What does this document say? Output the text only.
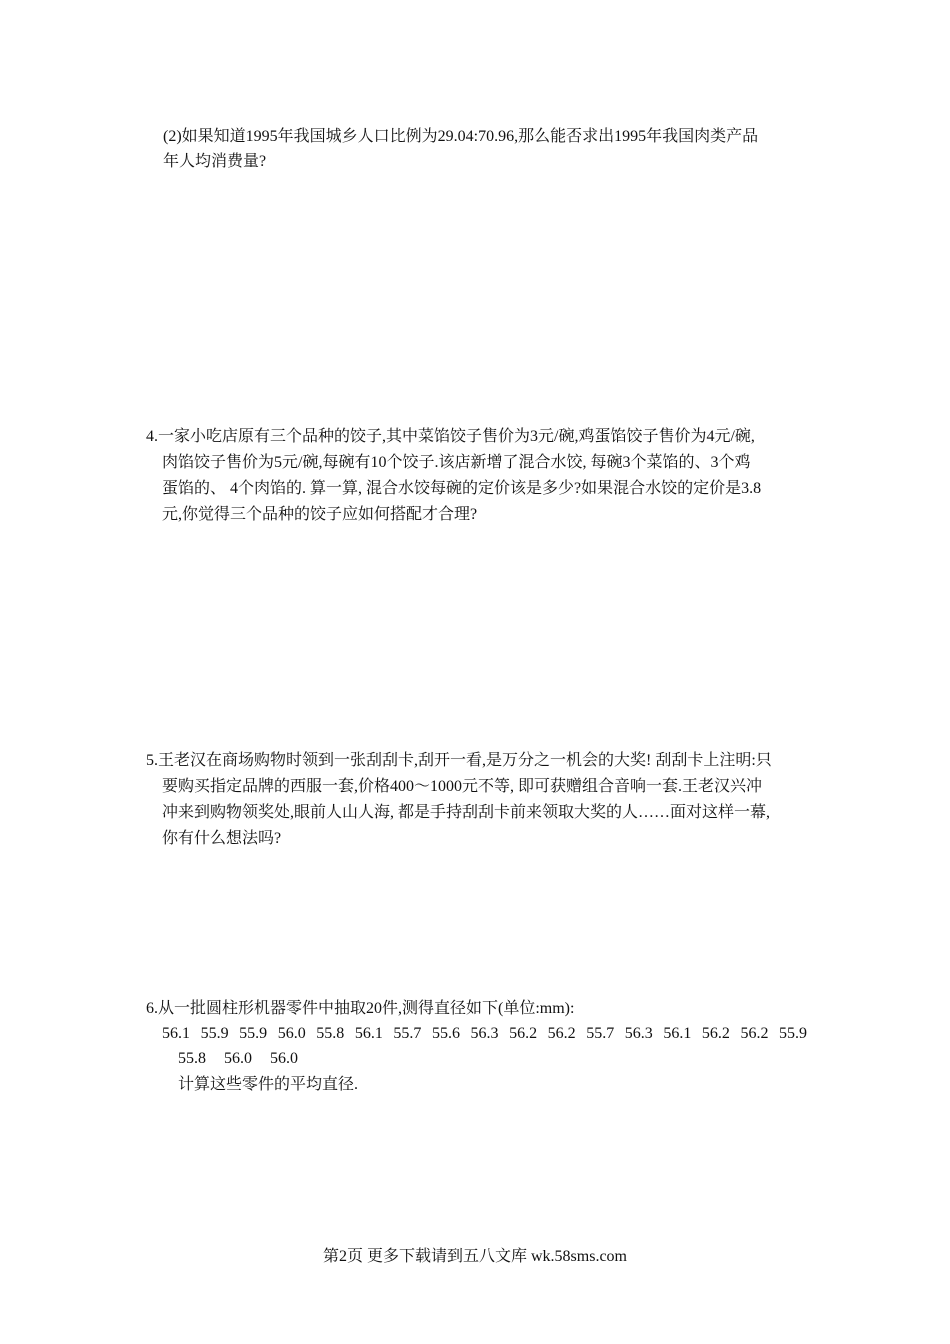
(2)如果知道1995年我国城乡人口比例为29.04:70.96,那么能否求出1995年我国肉类产品
年人均消费量?
4.一家小吃店原有三个品种的饺子,其中菜馅饺子售价为3元/碗,鸡蛋馅饺子售价为4元/碗,
肉馅饺子售价为5元/碗,每碗有10个饺子.该店新增了混合水饺, 每碗3个菜馅的、3个鸡
蛋馅的、 4个肉馅的. 算一算, 混合水饺每碗的定价该是多少?如果混合水饺的定价是3.8
元,你觉得三个品种的饺子应如何搭配才合理?
5.王老汉在商场购物时领到一张刮刮卡,刮开一看,是万分之一机会的大奖! 刮刮卡上注明:只
要购买指定品牌的西服一套,价格400～1000元不等, 即可获赠组合音响一套.王老汉兴冲
冲来到购物领奖处,眼前人山人海, 都是手持刮刮卡前来领取大奖的人……面对这样一幕,
你有什么想法吗?
6.从一批圆柱形机器零件中抽取20件,测得直径如下(单位:mm):
56.1 55.9 55.9 56.0 55.8 56.1 55.7 55.6 56.3 56.2 56.2 55.7 56.3 56.1 56.2 56.2 55.9
55.8 56.0 56.0
计算这些零件的平均直径.
第2页 更多下载请到五八文库 wk.58sms.com
